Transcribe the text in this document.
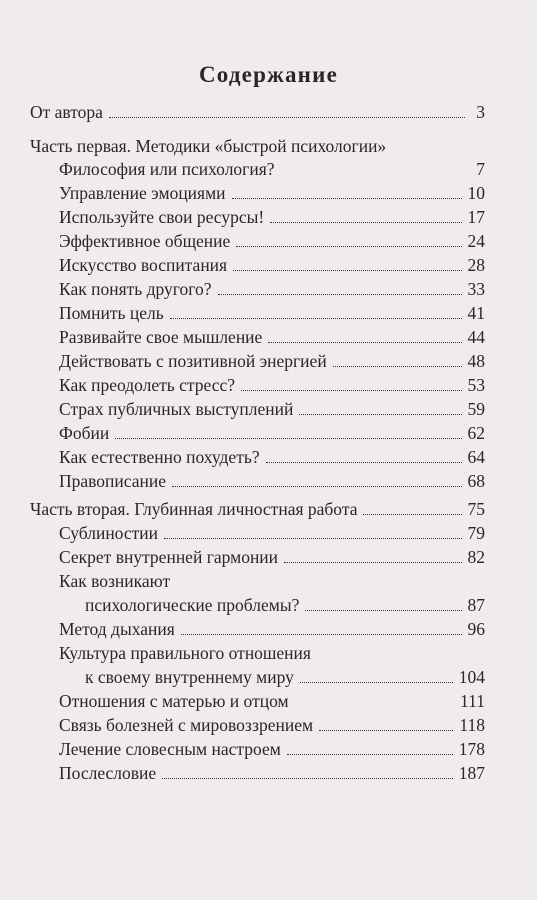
Содержание
От автора	3
Часть первая. Методики «быстрой психологии»
Философия или психология?	7
Управление эмоциями	10
Используйте свои ресурсы!	17
Эффективное общение	24
Искусство воспитания	28
Как понять другого?	33
Помнить цель	41
Развивайте свое мышление	44
Действовать с позитивной энергией	48
Как преодолеть стресс?	53
Страх публичных выступлений	59
Фобии	62
Как естественно похудеть?	64
Правописание	68
Часть вторая. Глубинная личностная работа	75
Сублиностии	79
Секрет внутренней гармонии	82
Как возникают
психологические проблемы?	87
Метод дыхания	96
Культура правильного отношения
к своему внутреннему миру	104
Отношения с матерью и отцом	111
Связь болезней с мировоззрением	118
Лечение словесным настроем	178
Послесловие	187
